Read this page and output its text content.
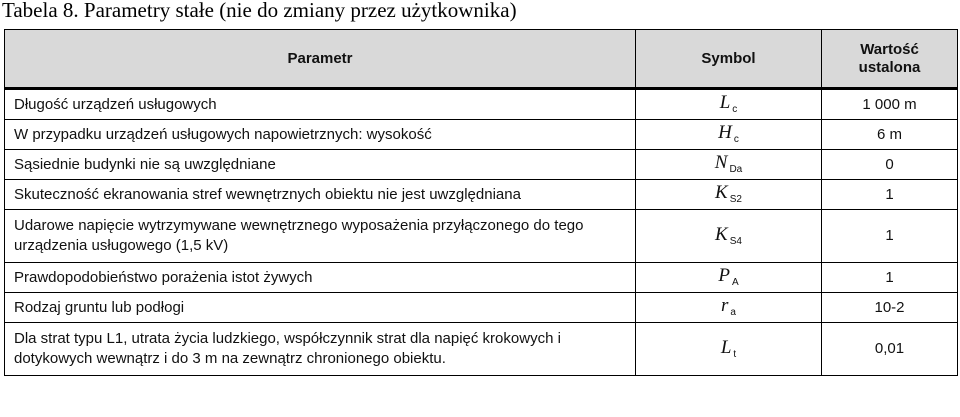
Tabela 8. Parametry stałe (nie do zmiany przez użytkownika)
Parametr	Symbol	Wartość ustalona
Długość urządzeń usługowych	L $_c$	1 000 m
W przypadku urządzeń usługowych napowietrznych: wysokość	H $_c$	6 m
Sąsiednie budynki nie są uwzględniane	N $_{Da}$	0
Skuteczność ekranowania stref wewnętrznych obiektu nie jest uwzględniana	K $_{S2}$	1
Udarowe napięcie wytrzymywane wewnętrznego wyposażenia przyłączonego do tego urządzenia usługowego (1,5 kV)	K $_{S4}$	1
Prawdopodobieństwo porażenia istot żywych	P $_A$	1
Rodzaj gruntu lub podłogi	r $_a$	10-2
Dla strat typu L1, utrata życia ludzkiego, współczynnik strat dla napięć krokowych i dotykowych wewnątrz i do 3 m na zewnątrz chronionego obiektu.	L $_t$	0,01
